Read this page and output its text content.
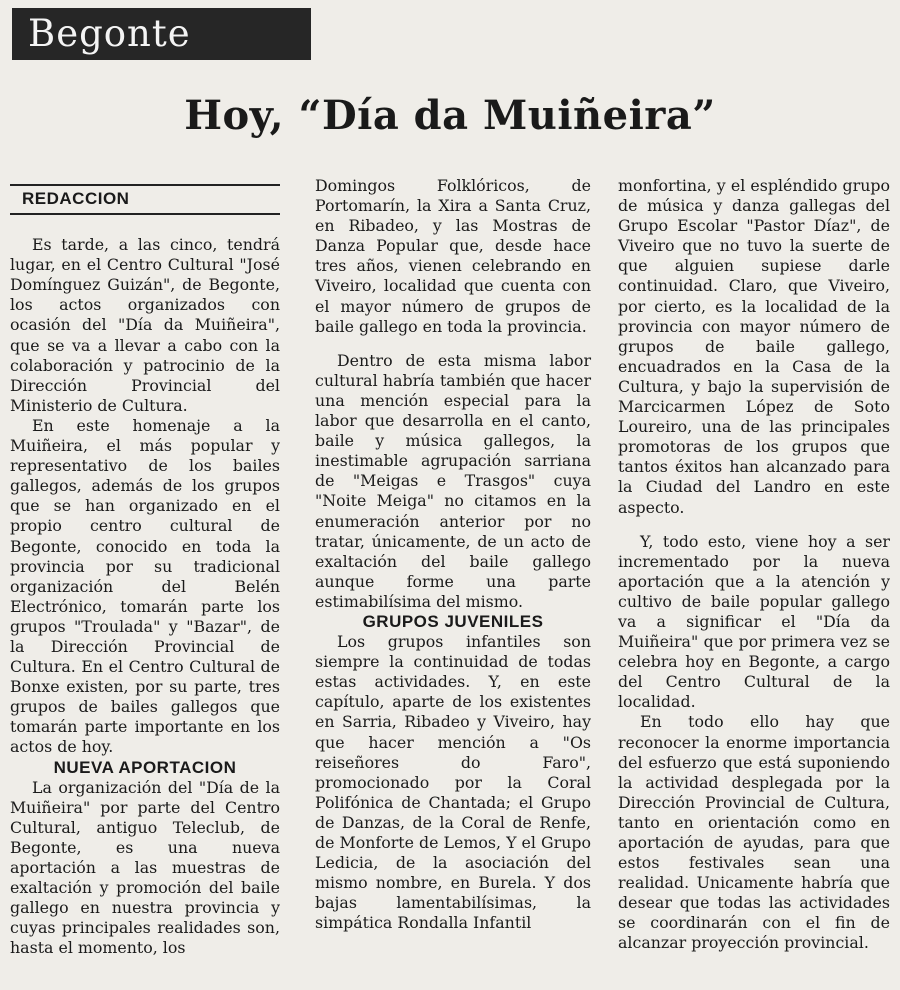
Begonte
Hoy, “Día da Muiñeira”
REDACCION

Es tarde, a las cinco, tendrá lugar, en el Centro Cultural "José Domínguez Guizán", de Begonte, los actos organizados con ocasión del "Día da Muiñeira", que se va a llevar a cabo con la colaboración y patrocinio de la Dirección Provincial del Ministerio de Cultura.

En este homenaje a la Muiñeira, el más popular y representativo de los bailes gallegos, además de los grupos que se han organizado en el propio centro cultural de Begonte, conocido en toda la provincia por su tradicional organización del Belén Electrónico, tomarán parte los grupos "Troulada" y "Bazar", de la Dirección Provincial de Cultura. En el Centro Cultural de Bonxe existen, por su parte, tres grupos de bailes gallegos que tomarán parte importante en los actos de hoy.

NUEVA APORTACION

La organización del "Día de la Muiñeira" por parte del Centro Cultural, antiguo Teleclub, de Begonte, es una nueva aportación a las muestras de exaltación y promoción del baile gallego en nuestra provincia y cuyas principales realidades son, hasta el momento, los

Domingos Folklóricos, de Portomarín, la Xira a Santa Cruz, en Ribadeo, y las Mostras de Danza Popular que, desde hace tres años, vienen celebrando en Viveiro, localidad que cuenta con el mayor número de grupos de baile gallego en toda la provincia.

Dentro de esta misma labor cultural habría también que hacer una mención especial para la labor que desarrolla en el canto, baile y música gallegos, la inestimable agrupación sarriana de "Meigas e Trasgos" cuya "Noite Meiga" no citamos en la enumeración anterior por no tratar, únicamente, de un acto de exaltación del baile gallego aunque forme una parte estimabilísima del mismo.

GRUPOS JUVENILES

Los grupos infantiles son siempre la continuidad de todas estas actividades. Y, en este capítulo, aparte de los existentes en Sarria, Ribadeo y Viveiro, hay que hacer mención a "Os reiseñores do Faro", promocionado por la Coral Polifónica de Chantada; el Grupo de Danzas, de la Coral de Renfe, de Monforte de Lemos, Y el Grupo Ledicia, de la asociación del mismo nombre, en Burela. Y dos bajas lamentabilísimas, la simpática Rondalla Infantil

monfortina, y el espléndido grupo de música y danza gallegas del Grupo Escolar "Pastor Díaz", de Viveiro que no tuvo la suerte de que alguien supiese darle continuidad. Claro, que Viveiro, por cierto, es la localidad de la provincia con mayor número de grupos de baile gallego, encuadrados en la Casa de la Cultura, y bajo la supervisión de Marcicarmen López de Soto Loureiro, una de las principales promotoras de los grupos que tantos éxitos han alcanzado para la Ciudad del Landro en este aspecto.

Y, todo esto, viene hoy a ser incrementado por la nueva aportación que a la atención y cultivo de baile popular gallego va a significar el "Día da Muiñeira" que por primera vez se celebra hoy en Begonte, a cargo del Centro Cultural de la localidad.

En todo ello hay que reconocer la enorme importancia del esfuerzo que está suponiendo la actividad desplegada por la Dirección Provincial de Cultura, tanto en orientación como en aportación de ayudas, para que estos festivales sean una realidad. Unicamente habría que desear que todas las actividades se coordinarán con el fin de alcanzar proyección provincial.
